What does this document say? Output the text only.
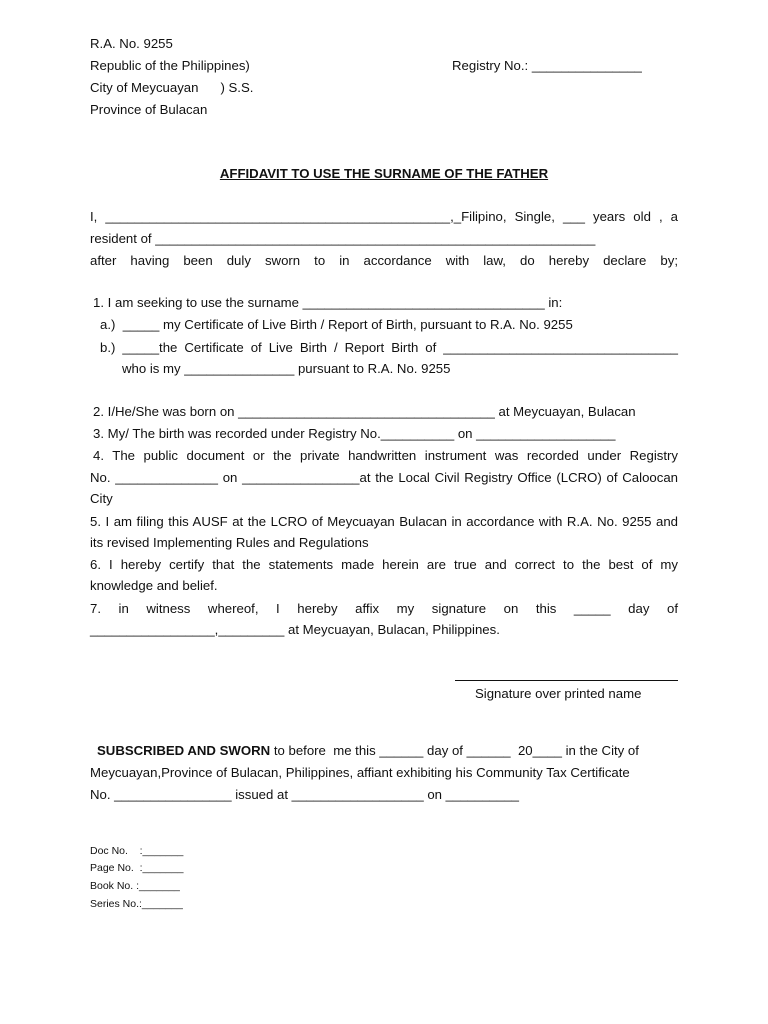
R.A. No. 9255
Republic of the Philippines)	Registry No.: _______________
City of Meycuayan      ) S.S.
Province of Bulacan
AFFIDAVIT TO USE THE SURNAME OF THE FATHER
I, _______________________________________________,_Filipino, Single, ___ years old , a
resident of ____________________________________________________________
after having been duly sworn to in accordance with law, do hereby declare by;
1. I am seeking to use the surname _________________________________ in:
a.)  _____ my Certificate of Live Birth / Report of Birth, pursuant to R.A. No. 9255
b.) _____the Certificate of Live Birth / Report Birth of ________________________________
who is my _______________ pursuant to R.A. No. 9255
2. I/He/She was born on ___________________________________ at Meycuayan, Bulacan
3. My/ The birth was recorded under Registry No.__________ on ___________________
4. The public document or the private handwritten instrument was recorded under Registry
No. ______________ on ________________at the Local Civil Registry Office (LCRO) of Caloocan
City
5. I am filing this AUSF at the LCRO of Meycuayan Bulacan in accordance with R.A. No. 9255 and
its revised Implementing Rules and Regulations
6. I hereby certify that the statements made herein are true and correct to the best of my
knowledge and belief.
7. in witness whereof, I hereby affix my signature on this _____ day of
_________________,_________ at Meycuayan, Bulacan, Philippines.
Signature over printed name
SUBSCRIBED AND SWORN to before  me this ______ day of ______  20____ in the City of
Meycuayan,Province of Bulacan, Philippines, affiant exhibiting his Community Tax Certificate
No. ________________ issued at __________________ on __________
Doc No.    :_______
Page No.  :_______
Book No. :_______
Series No.:_______
